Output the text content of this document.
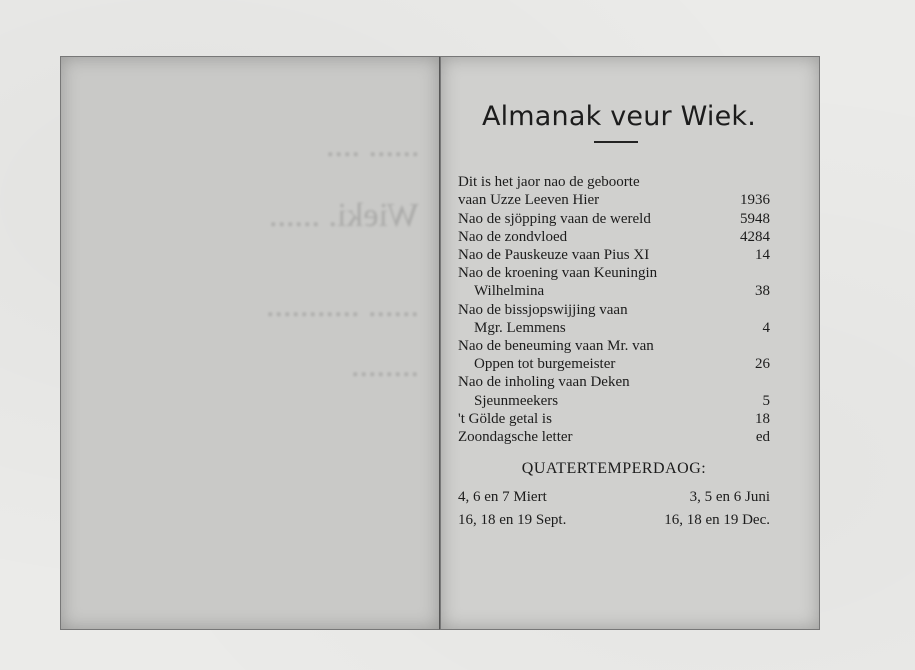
...... ....
Wieki. ......
...... ...........
........
Almanak veur Wiek.
Dit is het jaor nao de geboorte
vaan Uzze Leeven Hier	1936
Nao de sjöpping vaan de wereld	5948
Nao de zondvloed	4284
Nao de Pauskeuze vaan Pius XI	14
Nao de kroening vaan Keuningin
Wilhelmina	38
Nao de bissjopswijjing vaan
Mgr. Lemmens	4
Nao de beneuming vaan Mr. van
Oppen tot burgemeister	26
Nao de inholing vaan Deken
Sjeunmeekers	5
't Gölde getal is	18
Zoondagsche letter	ed
QUATERTEMPERDAOG:
4, 6 en 7 Miert	3, 5 en 6 Juni
16, 18 en 19 Sept.	16, 18 en 19 Dec.
